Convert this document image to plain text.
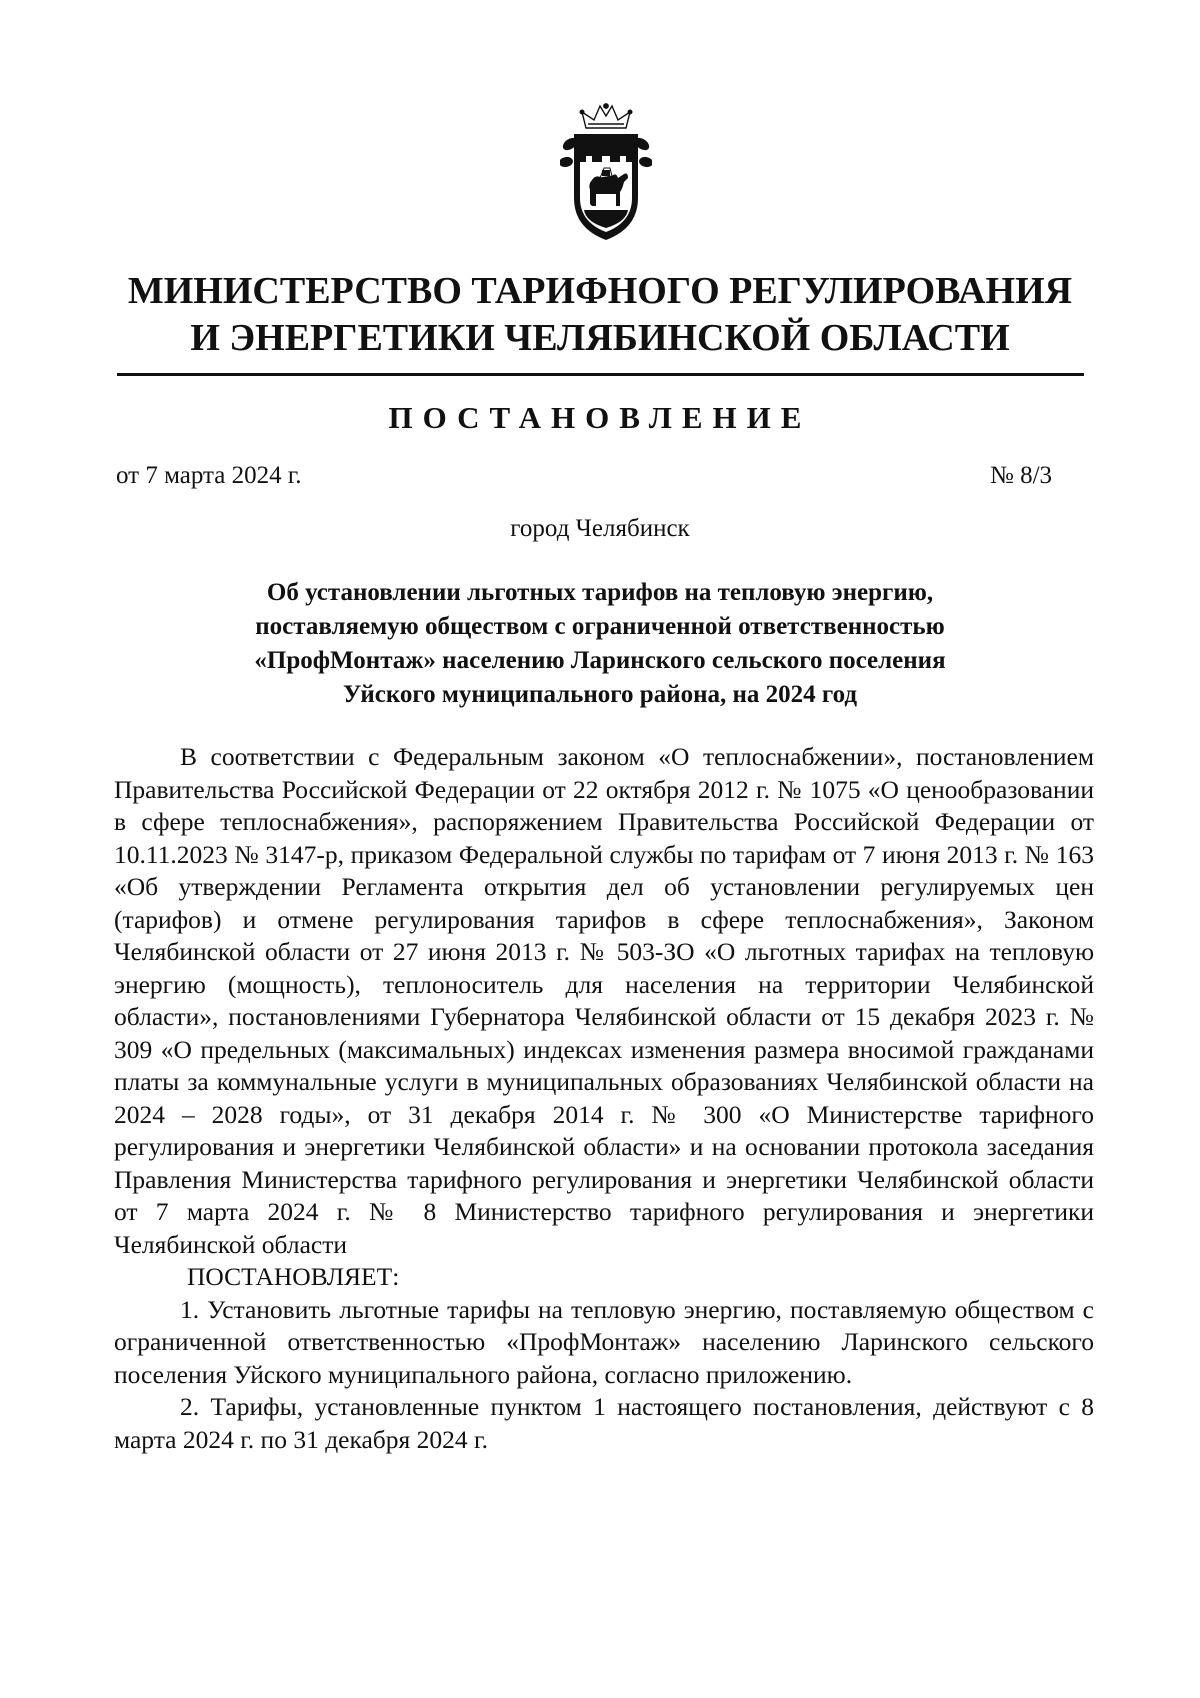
МИНИСТЕРСТВО ТАРИФНОГО РЕГУЛИРОВАНИЯ
И ЭНЕРГЕТИКИ ЧЕЛЯБИНСКОЙ ОБЛАСТИ
ПОСТАНОВЛЕНИЕ
от 7 марта 2024 г.	№ 8/3
город Челябинск
Об установлении льготных тарифов на тепловую энергию,
поставляемую обществом с ограниченной ответственностью
«ПрофМонтаж» населению Ларинского сельского поселения
Уйского муниципального района, на 2024 год

В соответствии с Федеральным законом «О теплоснабжении», постановлением Правительства Российской Федерации от 22 октября 2012 г. № 1075 «О ценообразовании в сфере теплоснабжения», распоряжением Правительства Российской Федерации от 10.11.2023 № 3147-р, приказом Федеральной службы по тарифам от 7 июня 2013 г. № 163 «Об утверждении Регламента открытия дел об установлении регулируемых цен (тарифов) и отмене регулирования тарифов в сфере теплоснабжения», Законом Челябинской области от 27 июня 2013 г. № 503-ЗО «О льготных тарифах на тепловую энергию (мощность), теплоноситель для населения на территории Челябинской области», постановлениями Губернатора Челябинской области от 15 декабря 2023 г. № 309 «О предельных (максимальных) индексах изменения размера вносимой гражданами платы за коммунальные услуги в муниципальных образованиях Челябинской области на 2024 – 2028 годы», от 31 декабря 2014 г. № 300 «О Министерстве тарифного регулирования и энергетики Челябинской области» и на основании протокола заседания Правления Министерства тарифного регулирования и энергетики Челябинской области от 7 марта 2024 г. № 8 Министерство тарифного регулирования и энергетики Челябинской области

ПОСТАНОВЛЯЕТ:

1. Установить льготные тарифы на тепловую энергию, поставляемую обществом с ограниченной ответственностью «ПрофМонтаж» населению Ларинского сельского поселения Уйского муниципального района, согласно приложению.

2. Тарифы, установленные пунктом 1 настоящего постановления, действуют с 8 марта 2024 г. по 31 декабря 2024 г.
